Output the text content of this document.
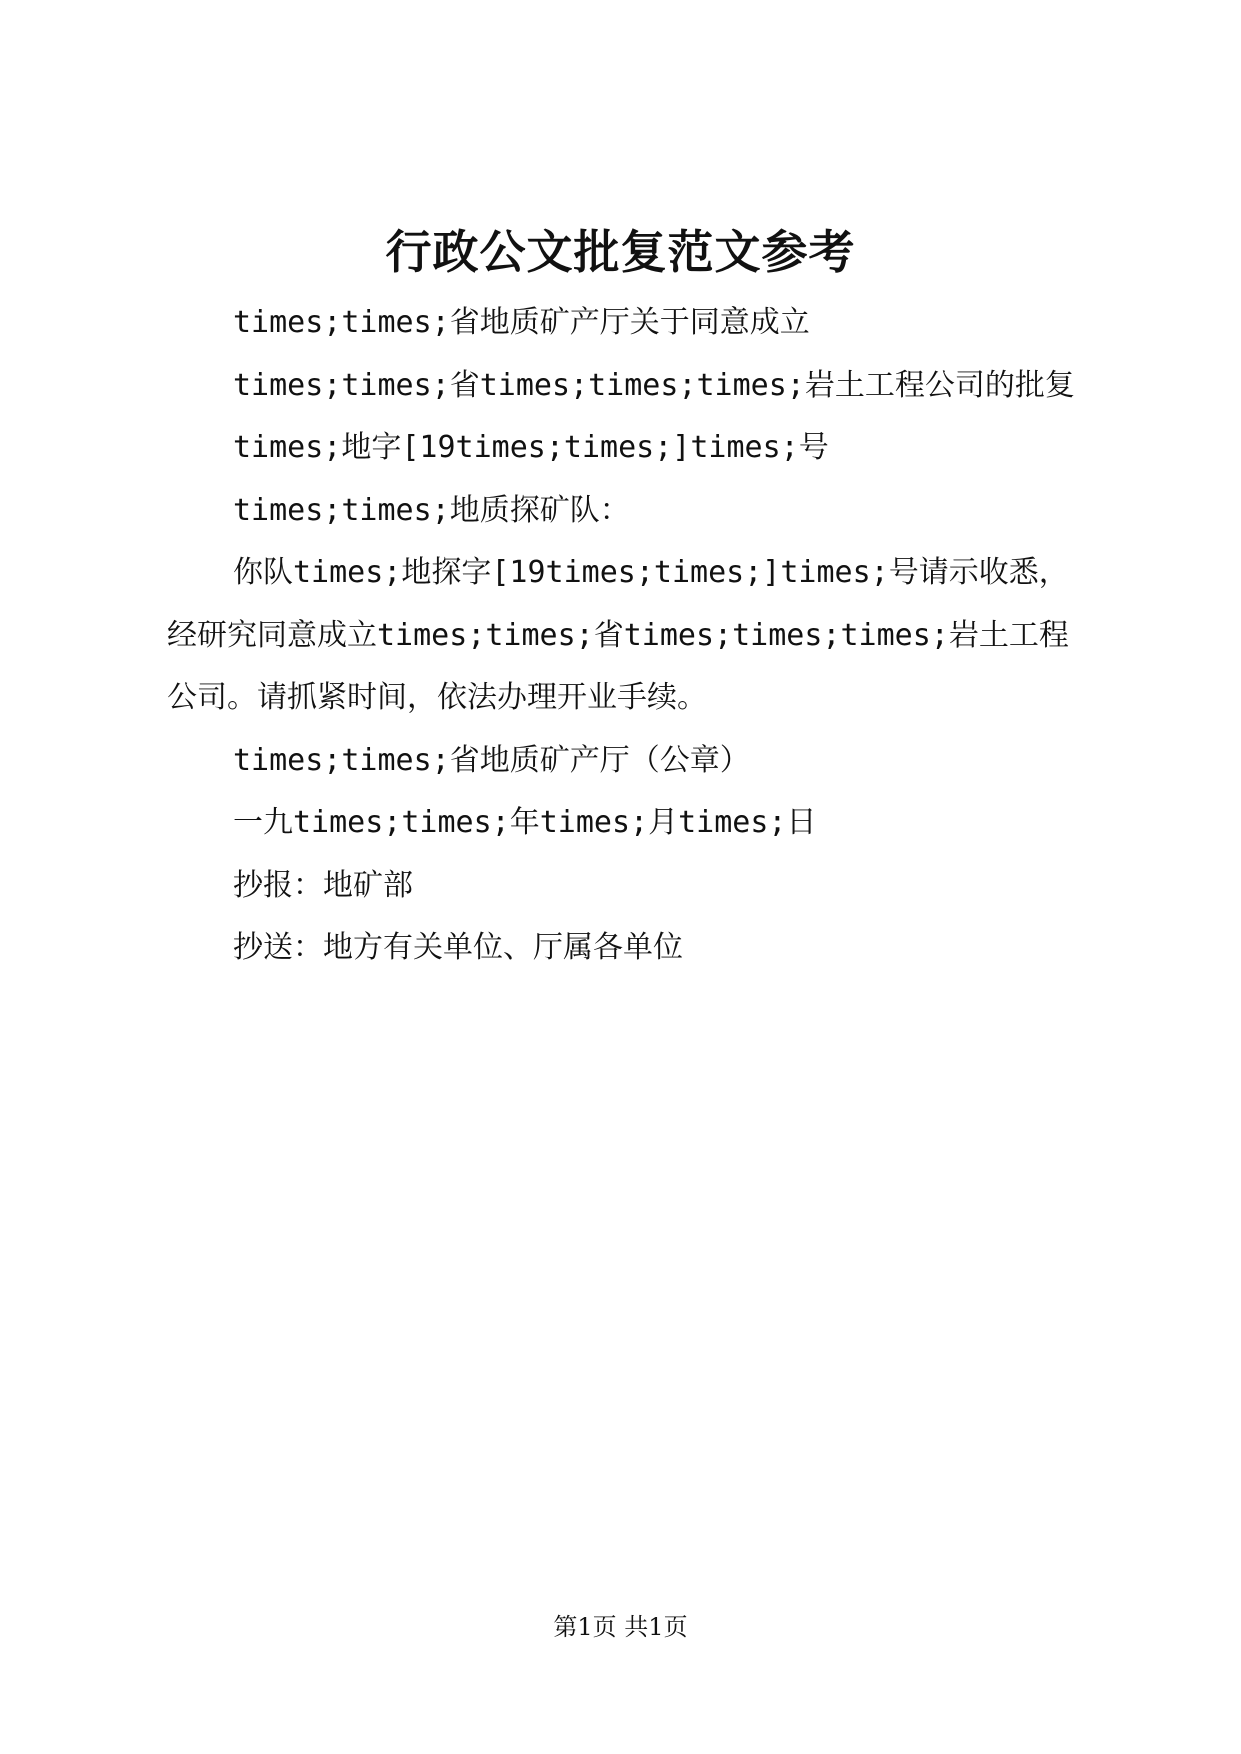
行政公文批复范文参考

times;times;省地质矿产厅关于同意成立

times;times;省times;times;times;岩土工程公司的批复

times;地字[19times;times;]times;号

times;times;地质探矿队：

你队times;地探字[19times;times;]times;号请示收悉，经研究同意成立times;times;省times;times;times;岩土工程公司。请抓紧时间，依法办理开业手续。

times;times;省地质矿产厅（公章）

一九times;times;年times;月times;日

抄报：地矿部

抄送：地方有关单位、厅属各单位

第1页 共1页
